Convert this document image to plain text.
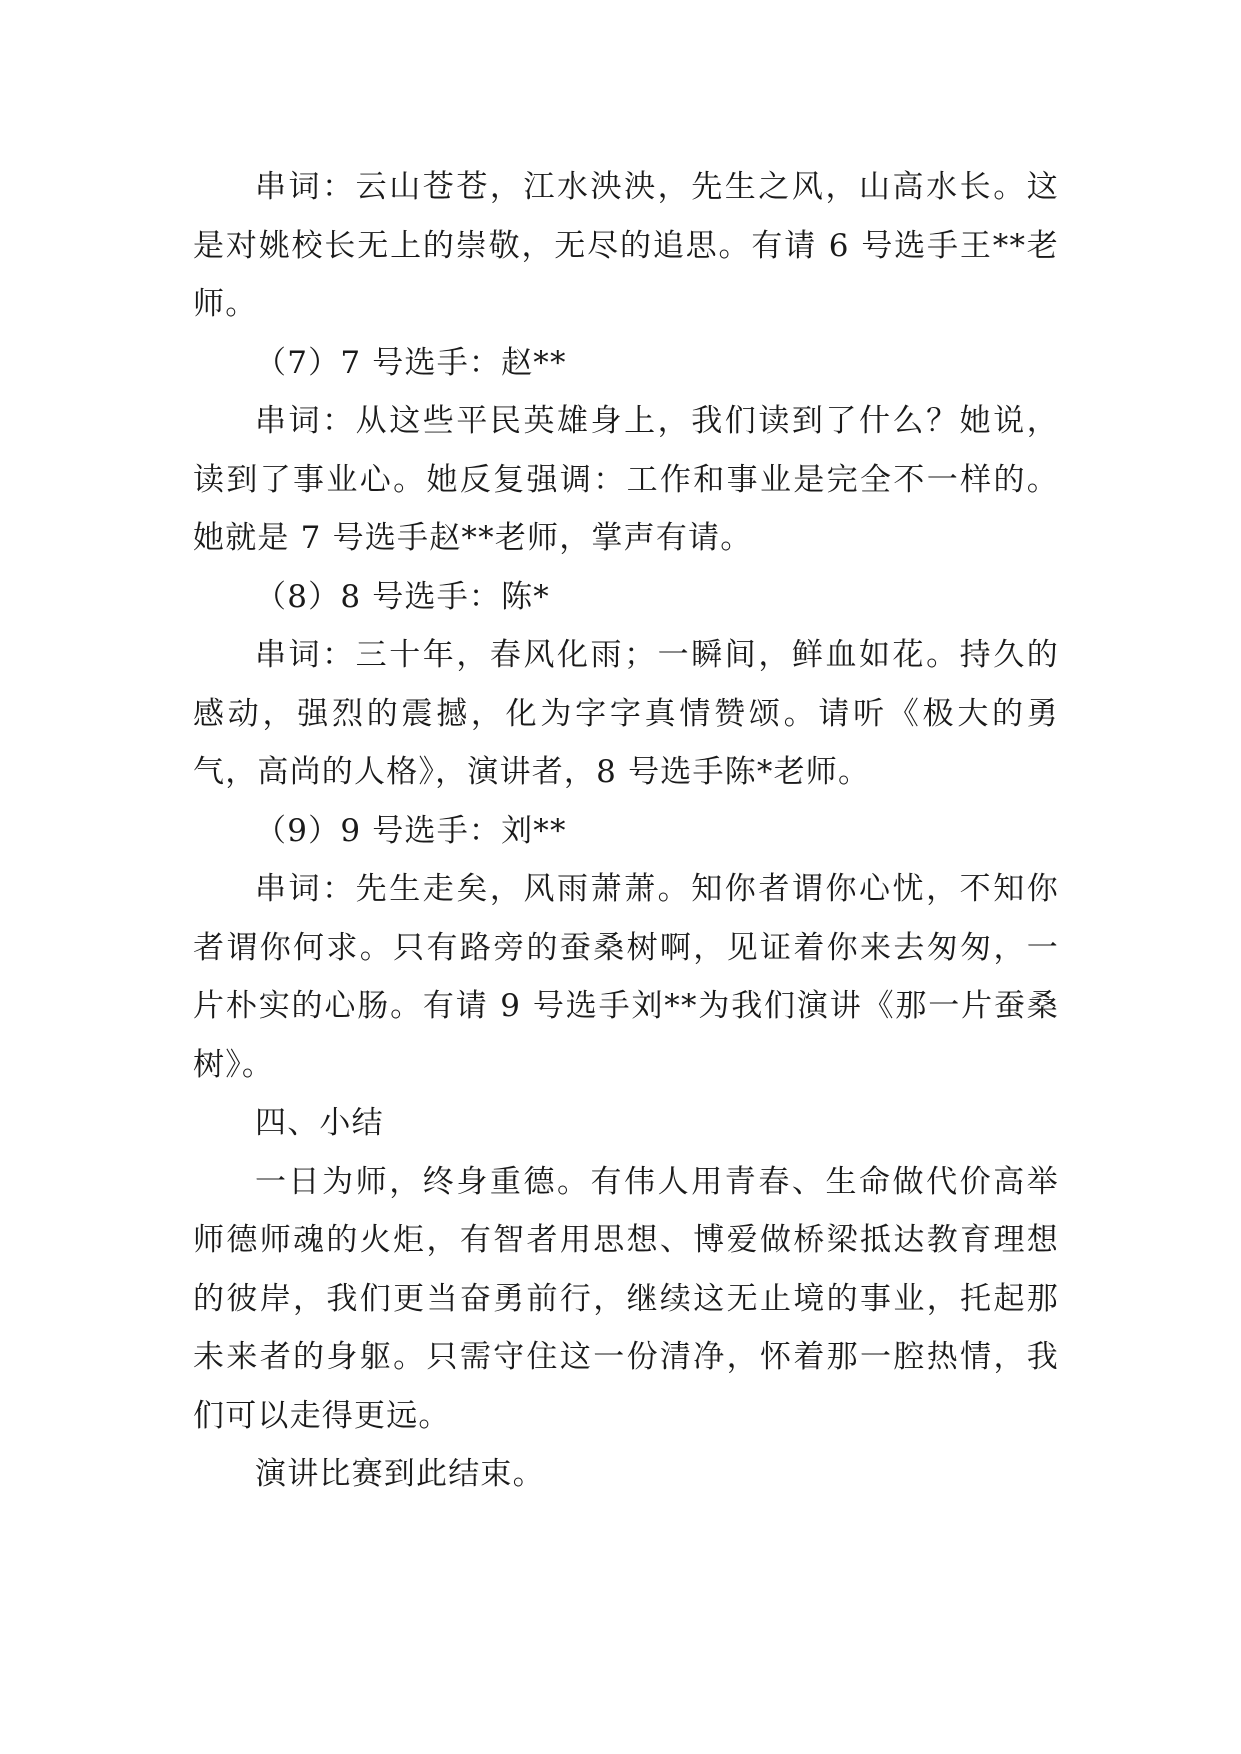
串词：云山苍苍，江水泱泱，先生之风，山高水长。这是对姚校长无上的崇敬，无尽的追思。有请 6 号选手王**老师。

（7）7 号选手：赵**

串词：从这些平民英雄身上，我们读到了什么？她说，读到了事业心。她反复强调：工作和事业是完全不一样的。她就是 7 号选手赵**老师，掌声有请。

（8）8 号选手：陈*

串词：三十年，春风化雨；一瞬间，鲜血如花。持久的感动，强烈的震撼，化为字字真情赞颂。请听《极大的勇气，高尚的人格》，演讲者，8 号选手陈*老师。

（9）9 号选手：刘**

串词：先生走矣，风雨萧萧。知你者谓你心忧，不知你者谓你何求。只有路旁的蚕桑树啊，见证着你来去匆匆，一片朴实的心肠。有请 9 号选手刘**为我们演讲《那一片蚕桑树》。

四、小结

一日为师，终身重德。有伟人用青春、生命做代价高举师德师魂的火炬，有智者用思想、博爱做桥梁抵达教育理想的彼岸，我们更当奋勇前行，继续这无止境的事业，托起那未来者的身躯。只需守住这一份清净，怀着那一腔热情，我们可以走得更远。

演讲比赛到此结束。
